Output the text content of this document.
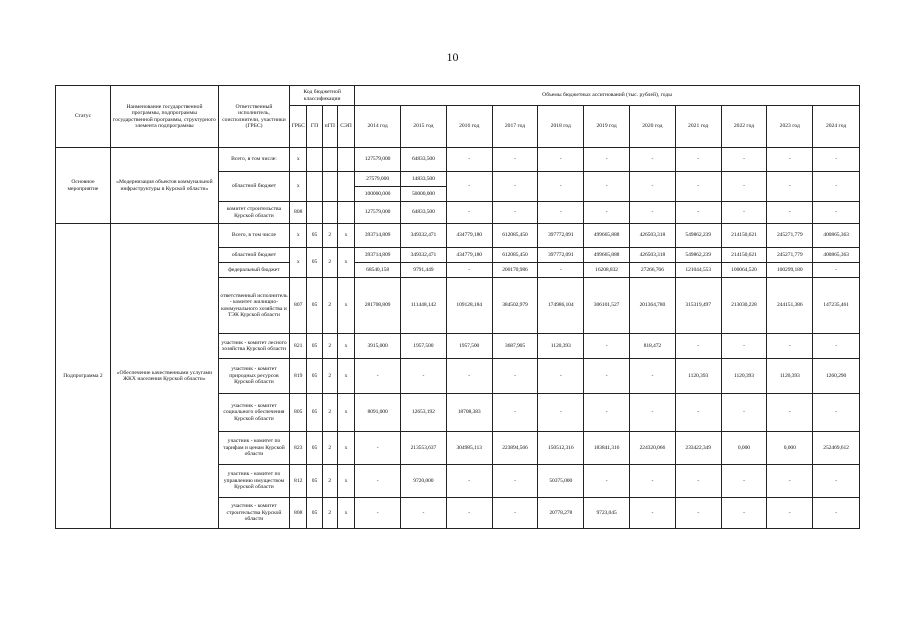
10
Статус	Наименование государственной программы, подпрограммы государственной программы, структурного элемента подпрограммы	Ответственный исполнитель, соисполнители, участники (ГРБС)	Код бюджетной классификации				Объемы бюджетных ассигнований (тыс. рублей), годы										
			ГРБС	ГП	пГП	СЭП	2014 год	2015 год	2016 год	2017 год	2018 год	2019 год	2020 год	2021 год	2022 год	2023 год	2024 год
Основное мероприятие	«Модернизация объектов коммунальной инфраструктуры в Курской области»	Всего, в том числе:	х				127579,000	64833,500	-	-	-	-	-	-	-	-	-
		областной бюджет	х				27579,000	14833,500	-	-	-	-	-	-	-	-	-
							100000,000	50000,000									
		комитет строительства Курской области	808				127579,000	64833,500	-	-	-	-	-	-	-	-	-
Подпрограмма 2	«Обеспечение качественными услугами ЖКХ населения Курской области»	Всего, в том числе	х	05	2	х	393714,809	349332,471	434779,180	612085,450	397772,091	499665,888	426503,318	549862,239	214150,621	245271,779	400865,363
		областной бюджет	х	05	2	х	393714,809	349332,471	434779,180	612085,450	397772,091	499665,888	426503,318	549862,239	214150,621	245271,779	400865,363
		федеральный бюджет					68540,158	9791,449	-	200170,986	-	16208,832	27266,766	121044,553	100064,520	100299,180	-
		ответственный исполнитель - комитет жилищно-коммунального хозяйства и ТЭК Курской области	807	05	2	х	281708,809	111448,142	109128,184	384502,979	174986,104	306101,527	201364,780	315319,497	213030,228	244151,386	147235,461
		участник - комитет лесного хозяйства Курской области	821	05	2	х	3915,000	1957,500	1957,500	3687,905	1120,393	-	818,472	-	-	-	-
		участник - комитет природных ресурсов Курской области	819	05	2	х	-	-	-	-	-	-	-	1120,393	1120,393	1120,393	1260,290
		участник - комитет социального обеспечения Курской области	805	05	2	х	8091,000	12653,192	18708,383	-	-	-	-	-	-	-	-
		участник - комитет по тарифам и ценам Курской области	823	05	2	х	-	213553,637	304985,113	223894,566	150512,316	183841,316	224320,066	233422,349	0,000	0,000	252469,612
		участник - комитет по управлению имуществом Курской области	812	05	2	х	-	9720,000	-	-	50375,000	-	-	-	-	-	-
		участник - комитет строительства Курской области	808	05	2	х	-	-	-	-	20778,278	9723,045	-	-	-	-	-
